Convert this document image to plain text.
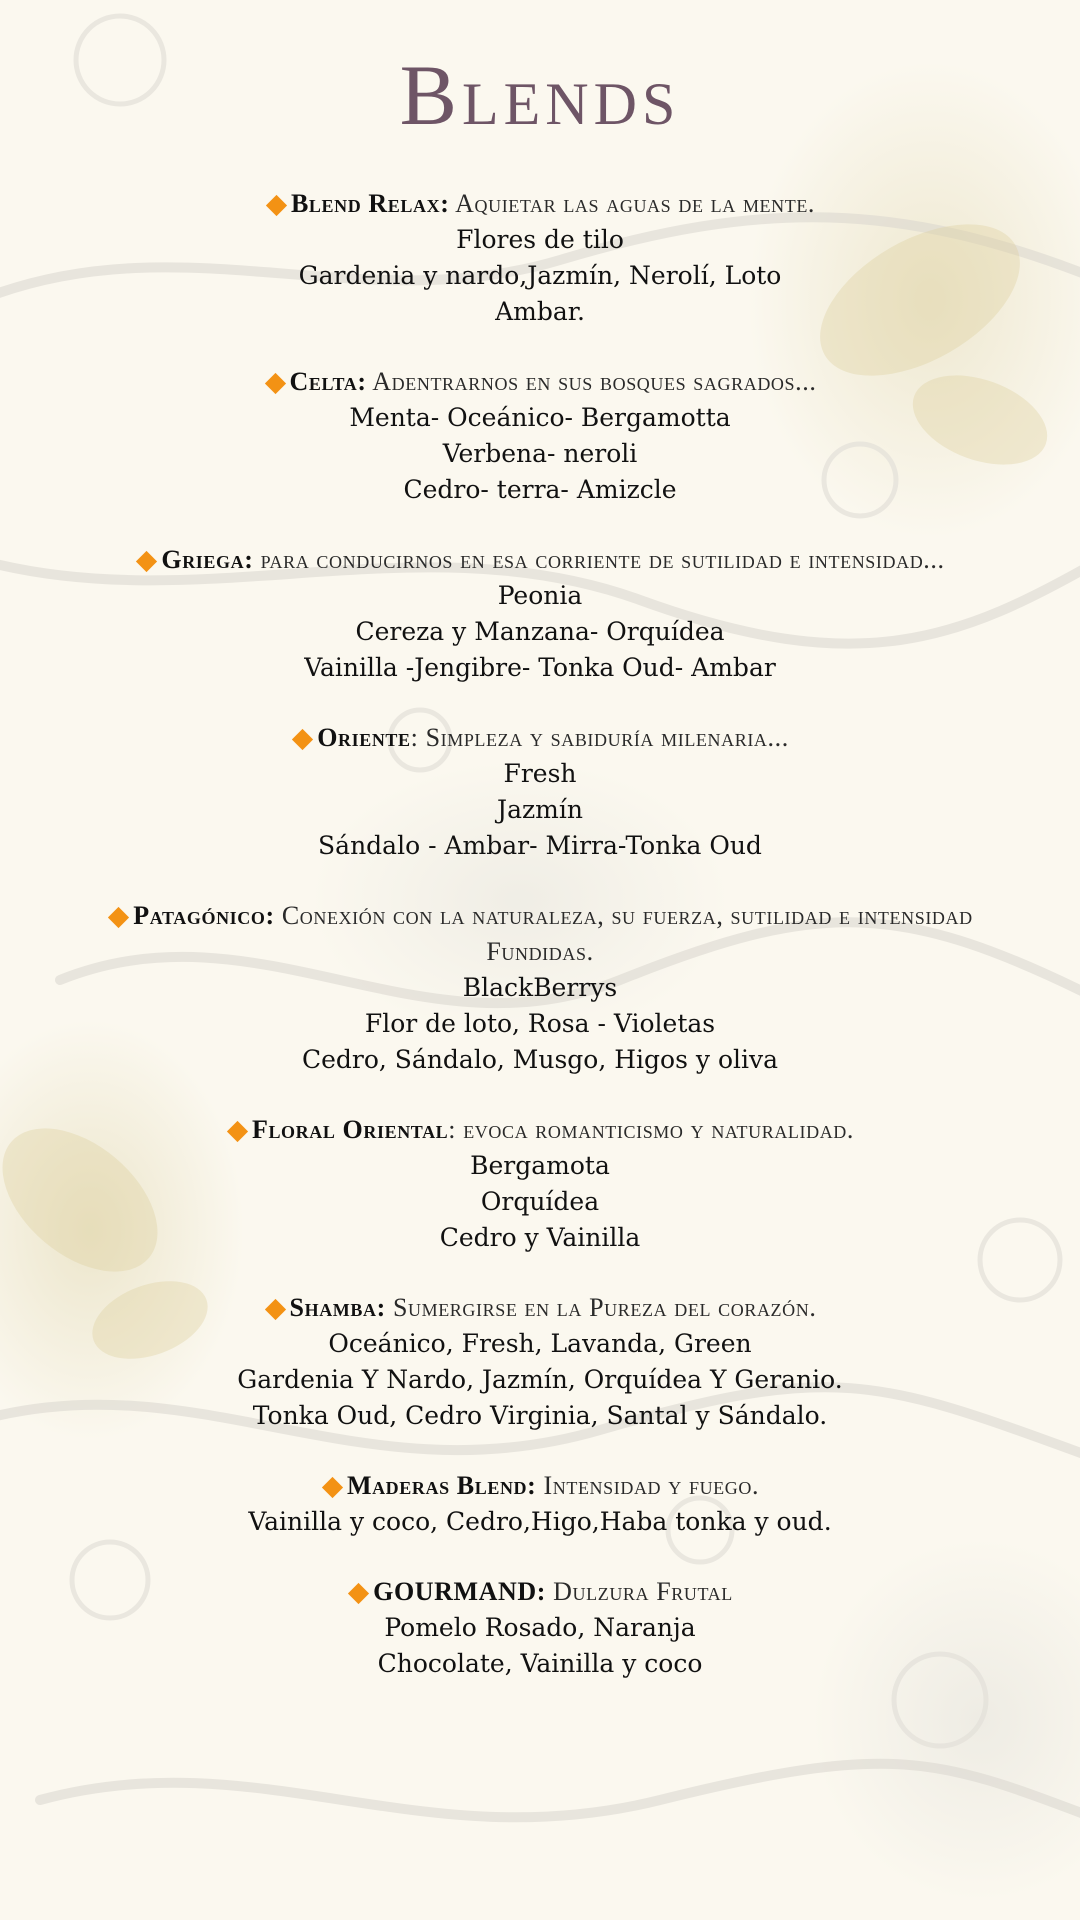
Blends
Blend Relax: Aquietar las aguas de la mente.
Flores de tilo
Gardenia y nardo,Jazmín, Nerolí, Loto
Ambar.
Celta: Adentrarnos en sus bosques sagrados...
Menta- Oceánico- Bergamotta
Verbena- neroli
Cedro- terra- Amizcle
Griega: para conducirnos en esa corriente de sutilidad e intensidad...
Peonia
Cereza y Manzana- Orquídea
Vainilla -Jengibre- Tonka Oud- Ambar
Oriente: Simpleza y sabiduría milenaria...
Fresh
Jazmín
Sándalo - Ambar- Mirra-Tonka Oud
Patagónico: Conexión con la naturaleza, su fuerza, sutilidad e intensidad Fundidas.
BlackBerrys
Flor de loto, Rosa - Violetas
Cedro, Sándalo, Musgo, Higos y oliva
Floral Oriental: evoca romanticismo y naturalidad.
Bergamota
Orquídea
Cedro y Vainilla
Shamba: Sumergirse en la Pureza del corazón.
Oceánico, Fresh, Lavanda, Green
Gardenia Y Nardo, Jazmín, Orquídea Y Geranio.
Tonka Oud, Cedro Virginia, Santal y Sándalo.
Maderas Blend: Intensidad y fuego.
Vainilla y coco, Cedro,Higo,Haba tonka y oud.
GOURMAND: Dulzura Frutal
Pomelo Rosado, Naranja
Chocolate, Vainilla y coco
